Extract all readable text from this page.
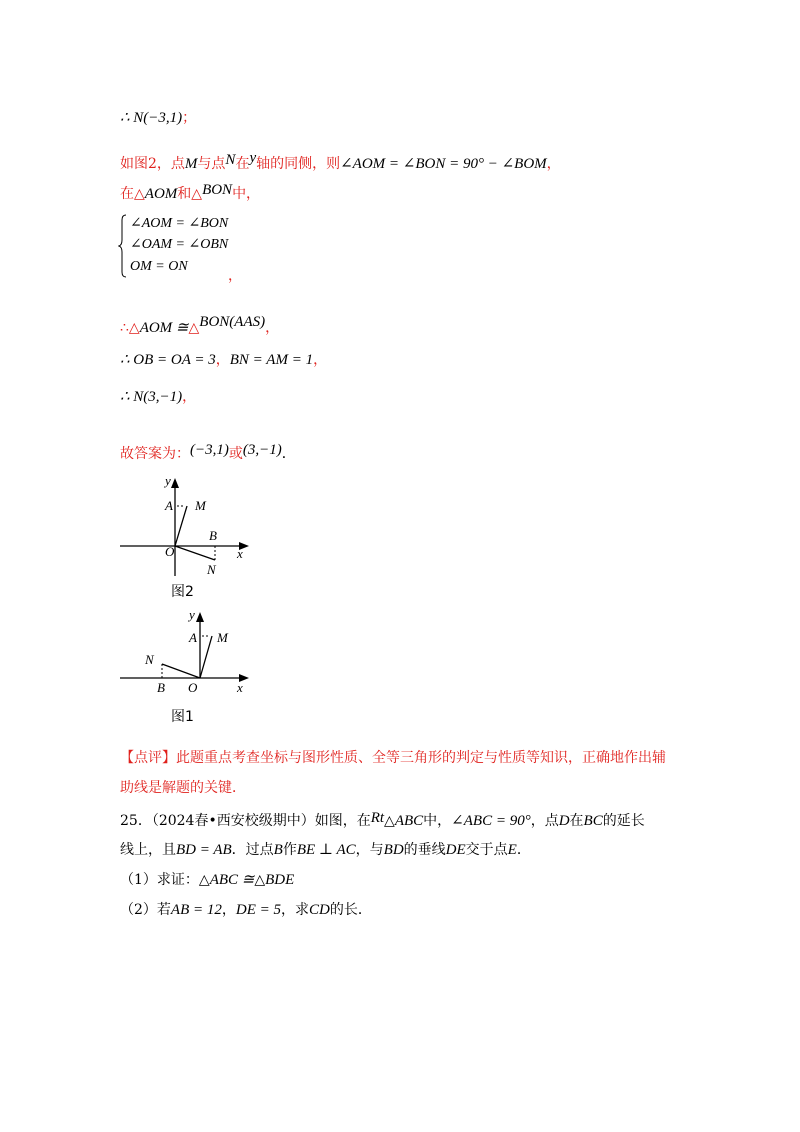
∴ N(−3,1)；
如图2，点M与点N在y轴的同侧，则∠AOM = ∠BON = 90° − ∠BOM，
在△AOM和△BON中，
∠AOM = ∠BON
∠OAM = ∠OBN
OM = ON
，
∴△AOM ≅△BON(AAS)，
∴ OB = OA = 3，BN = AM = 1，
∴ N(3,−1)，
故答案为：(−3,1)或(3,−1)．
y
A M
O
B
x
N
图2
y
A M
N
B O	x
图1
【点评】此题重点考查坐标与图形性质、全等三角形的判定与性质等知识，正确地作出辅
助线是解题的关键．
25．（2024春•西安校级期中）如图，在Rt△ABC中，∠ABC = 90°，点D在BC的延长
线上，且BD = AB．过点B作BE ⊥ AC，与BD的垂线DE交于点E．
（1）求证：△ABC ≅△BDE
（2）若AB = 12，DE = 5，求CD的长．
